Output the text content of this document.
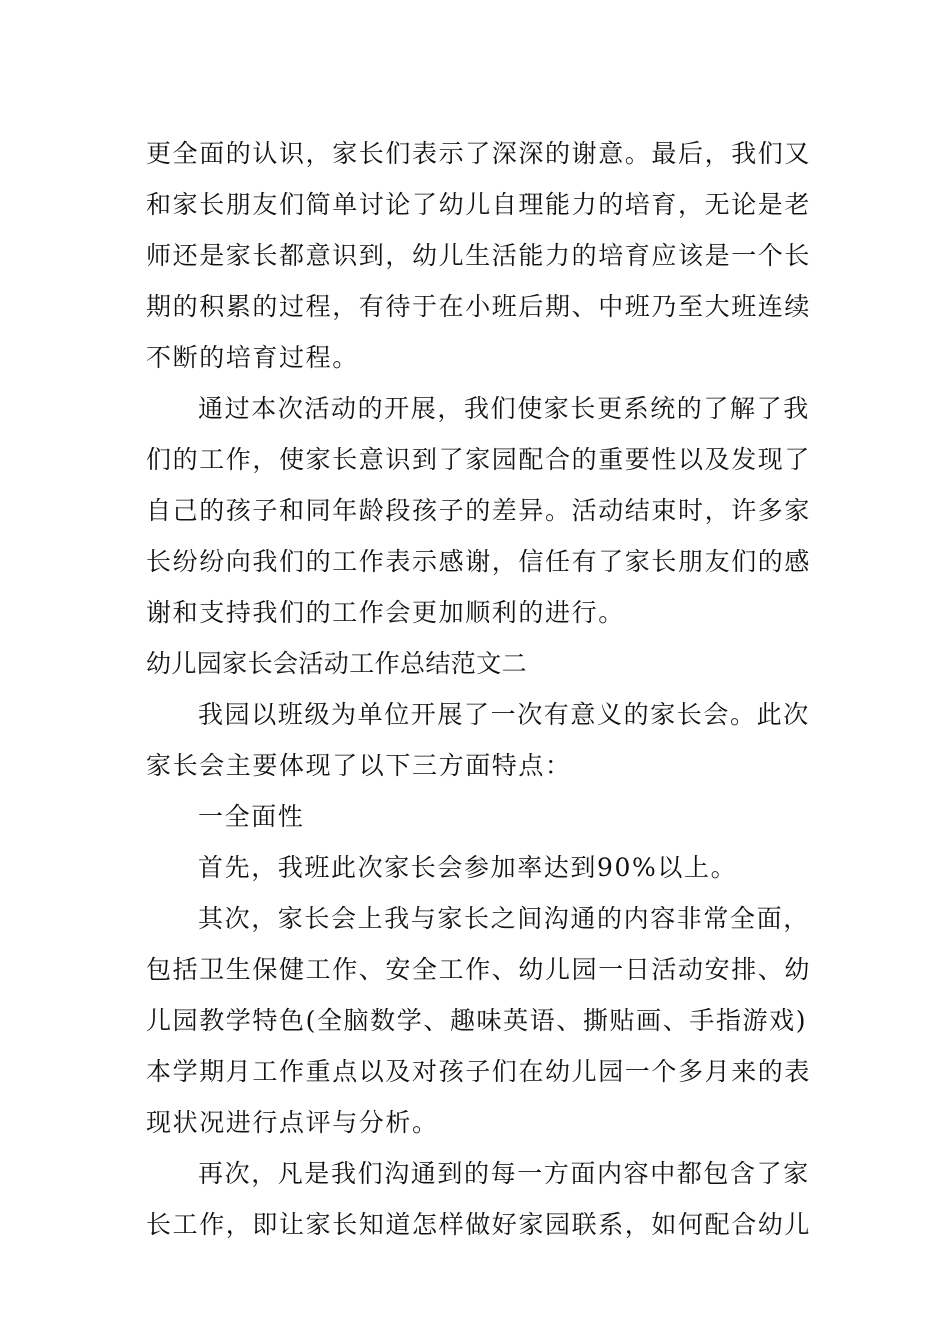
更全面的认识，家长们表示了深深的谢意。最后，我们又
和家长朋友们简单讨论了幼儿自理能力的培育，无论是老
师还是家长都意识到，幼儿生活能力的培育应该是一个长
期的积累的过程，有待于在小班后期、中班乃至大班连续
不断的培育过程。
通过本次活动的开展，我们使家长更系统的了解了我
们的工作，使家长意识到了家园配合的重要性以及发现了
自己的孩子和同年龄段孩子的差异。活动结束时，许多家
长纷纷向我们的工作表示感谢，信任有了家长朋友们的感
谢和支持我们的工作会更加顺利的进行。
幼儿园家长会活动工作总结范文二
我园以班级为单位开展了一次有意义的家长会。此次
家长会主要体现了以下三方面特点：
一全面性
首先，我班此次家长会参加率达到90%以上。
其次，家长会上我与家长之间沟通的内容非常全面，
包括卫生保健工作、安全工作、幼儿园一日活动安排、幼
儿园教学特色(全脑数学、趣味英语、撕贴画、手指游戏)
本学期月工作重点以及对孩子们在幼儿园一个多月来的表
现状况进行点评与分析。
再次，凡是我们沟通到的每一方面内容中都包含了家
长工作，即让家长知道怎样做好家园联系，如何配合幼儿
